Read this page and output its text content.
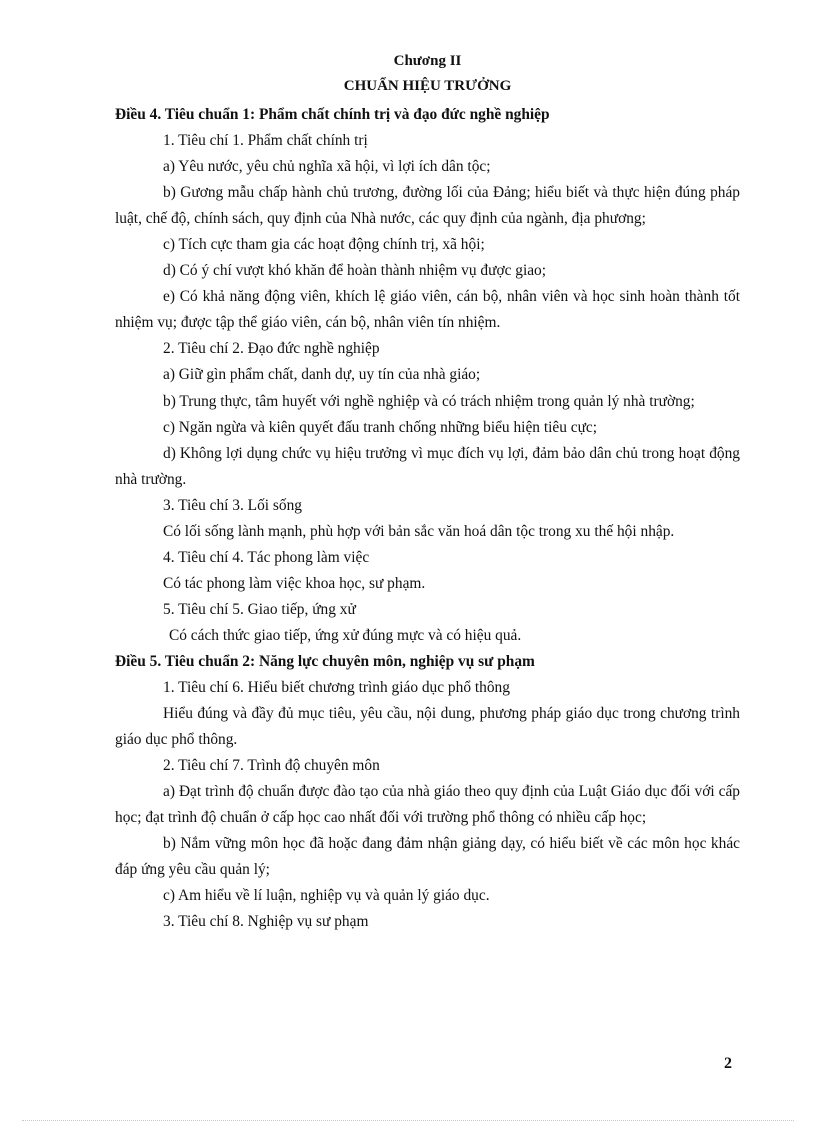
Chương II
CHUẨN HIỆU TRƯỞNG

Điều 4. Tiêu chuẩn 1: Phẩm chất chính trị và đạo đức nghề nghiệp

1. Tiêu chí 1. Phẩm chất chính trị

a) Yêu nước, yêu chủ nghĩa xã hội, vì lợi ích dân tộc;

b) Gương mẫu chấp hành chủ trương, đường lối của Đảng; hiểu biết và thực hiện đúng pháp luật, chế độ, chính sách, quy định của Nhà nước, các quy định của ngành, địa phương;

c) Tích cực tham gia các hoạt động chính trị, xã hội;

d) Có ý chí vượt khó khăn để hoàn thành nhiệm vụ được giao;

e) Có khả năng động viên, khích lệ giáo viên, cán bộ, nhân viên và học sinh hoàn thành tốt nhiệm vụ; được tập thể giáo viên, cán bộ, nhân viên tín nhiệm.

2. Tiêu chí 2. Đạo đức nghề nghiệp

a) Giữ gìn phẩm chất, danh dự, uy tín của nhà giáo;

b) Trung thực, tâm huyết với nghề nghiệp và có trách nhiệm trong quản lý nhà trường;

c) Ngăn ngừa và kiên quyết đấu tranh chống những biểu hiện tiêu cực;

d) Không lợi dụng chức vụ hiệu trưởng vì mục đích vụ lợi, đảm bảo dân chủ trong hoạt động nhà trường.

3. Tiêu chí 3. Lối sống

Có lối sống lành mạnh, phù hợp với bản sắc văn hoá dân tộc trong xu thế hội nhập.

4. Tiêu chí 4. Tác phong làm việc

Có tác phong làm việc khoa học, sư phạm.

5. Tiêu chí 5. Giao tiếp, ứng xử

Có cách thức giao tiếp, ứng xử đúng mực và có hiệu quả.

Điều 5. Tiêu chuẩn 2: Năng lực chuyên môn, nghiệp vụ sư phạm

1. Tiêu chí 6. Hiểu biết chương trình giáo dục phổ thông

Hiểu đúng và đầy đủ mục tiêu, yêu cầu, nội dung, phương pháp giáo dục trong chương trình giáo dục phổ thông.

2. Tiêu chí 7. Trình độ chuyên môn

a) Đạt trình độ chuẩn được đào tạo của nhà giáo theo quy định của Luật Giáo dục đối với cấp học; đạt trình độ chuẩn ở cấp học cao nhất đối với trường phổ thông có nhiều cấp học;

b) Nắm vững môn học đã hoặc đang đảm nhận giảng dạy, có hiểu biết về các môn học khác đáp ứng yêu cầu quản lý;

c) Am hiểu về lí luận, nghiệp vụ và quản lý giáo dục.

3. Tiêu chí 8. Nghiệp vụ sư phạm

2
